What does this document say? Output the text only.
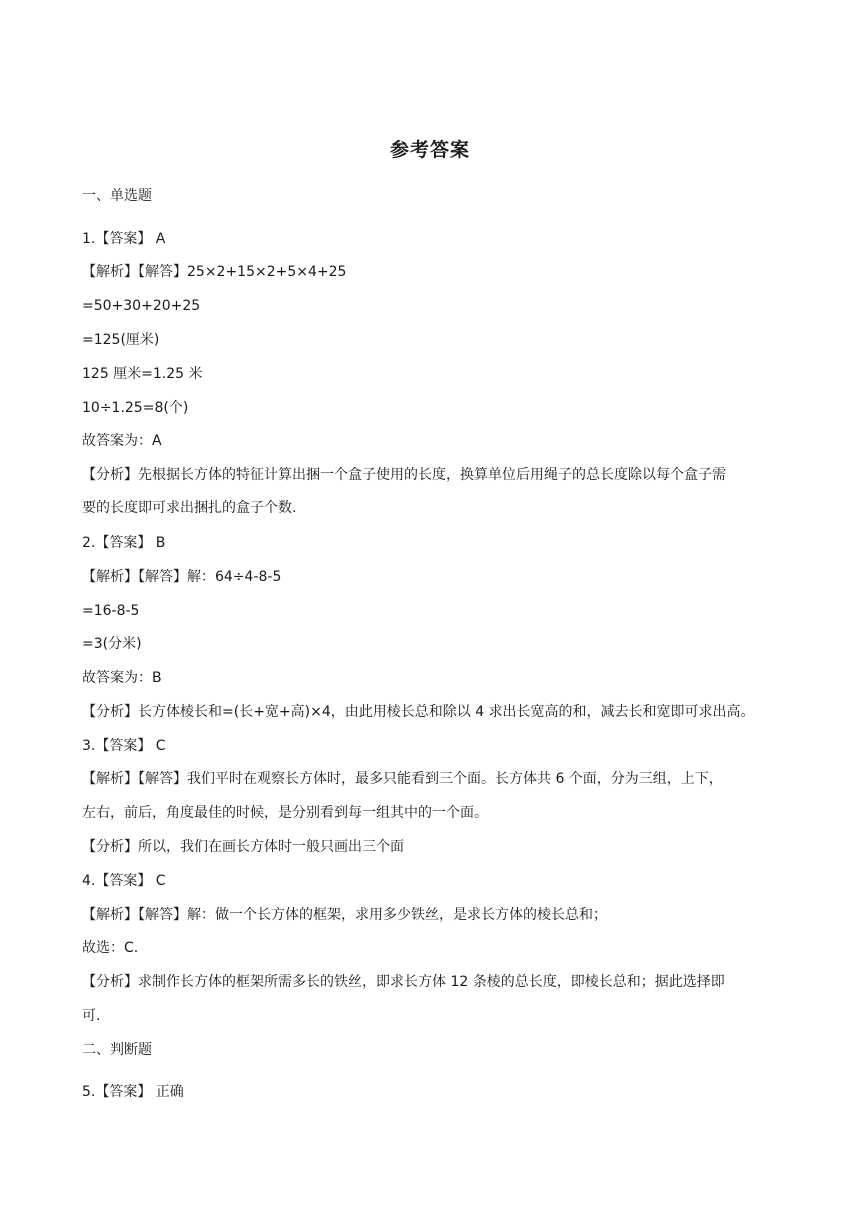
参考答案
一、单选题
1.【答案】 A
【解析】【解答】25×2+15×2+5×4+25
=50+30+20+25
=125(厘米)
125 厘米=1.25 米
10÷1.25=8(个)
故答案为：A
【分析】先根据长方体的特征计算出捆一个盒子使用的长度，换算单位后用绳子的总长度除以每个盒子需
要的长度即可求出捆扎的盒子个数.
2.【答案】 B
【解析】【解答】解：64÷4-8-5
=16-8-5
=3(分米)
故答案为：B
【分析】长方体棱长和=(长+宽+高)×4，由此用棱长总和除以 4 求出长宽高的和，减去长和宽即可求出高。
3.【答案】 C
【解析】【解答】我们平时在观察长方体时，最多只能看到三个面。长方体共 6 个面，分为三组，上下，
左右，前后，角度最佳的时候，是分别看到每一组其中的一个面。
【分析】所以，我们在画长方体时一般只画出三个面
4.【答案】 C
【解析】【解答】解：做一个长方体的框架，求用多少铁丝，是求长方体的棱长总和；
故选：C.
【分析】求制作长方体的框架所需多长的铁丝，即求长方体 12 条棱的总长度，即棱长总和；据此选择即
可.
二、判断题
5.【答案】 正确
